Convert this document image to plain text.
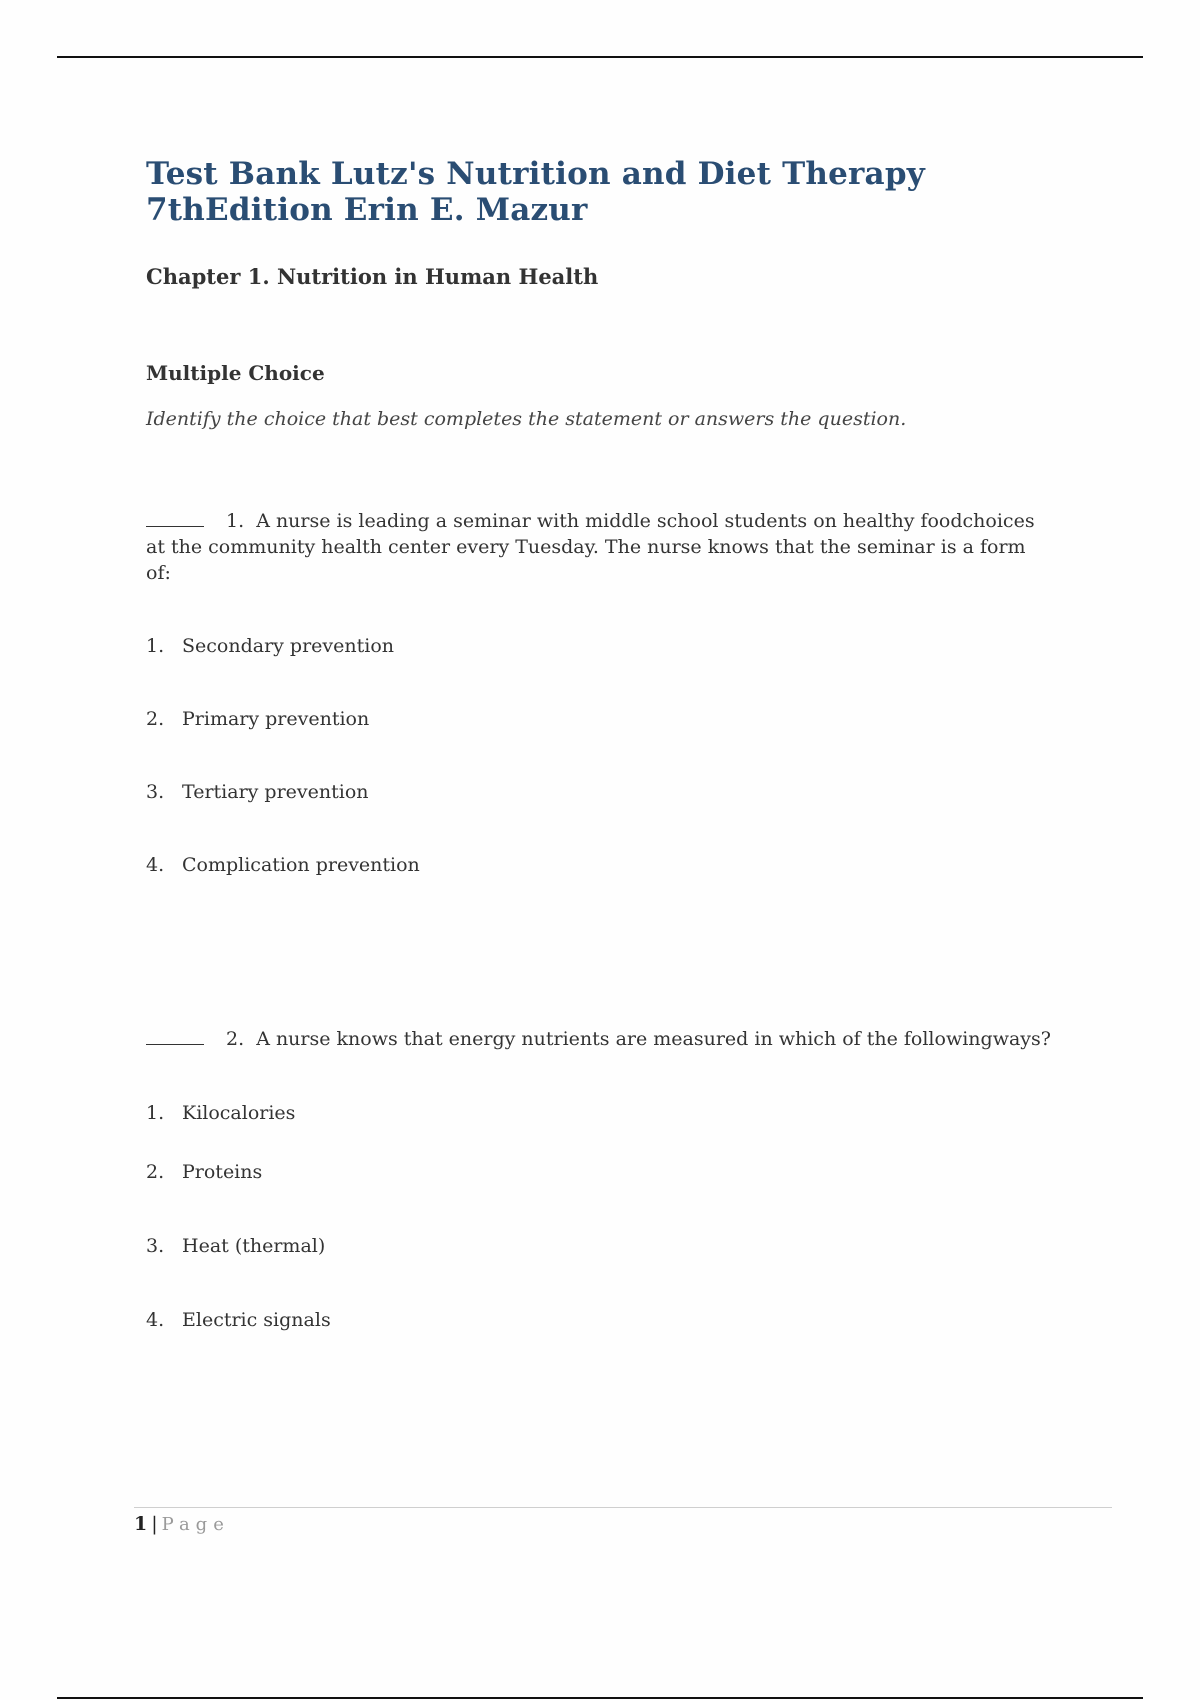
Test Bank Lutz's Nutrition and Diet Therapy 7thEdition Erin E. Mazur
Chapter 1. Nutrition in Human Health
Multiple Choice

Identify the choice that best completes the statement or answers the question.

1. A nurse is leading a seminar with middle school students on healthy foodchoices at the community health center every Tuesday. The nurse knows that the seminar is a form of:
1. Secondary prevention
2. Primary prevention
3. Tertiary prevention
4. Complication prevention
2. A nurse knows that energy nutrients are measured in which of the followingways?
1. Kilocalories
2. Proteins
3. Heat (thermal)
4. Electric signals
1 | Page
